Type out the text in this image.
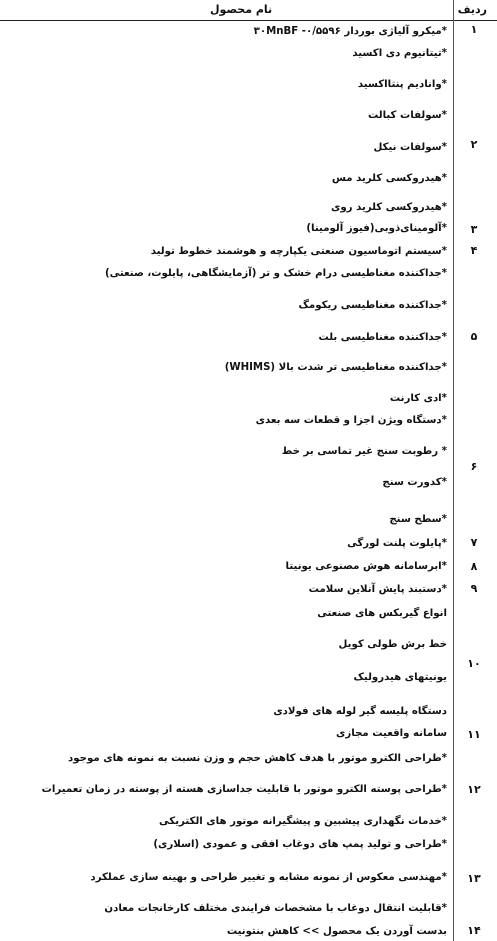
ردیف
نام محصول
۱
۲
۳
۴
۵
۶
۷
۸
۹
۱۰
۱۱
۱۲
۱۳
۱۴
*میکرو آلیاژی بوردار ۳۰MnBF -۰/۵۵۹۶
*تیتانیوم دی اکسید
*وانادیم پنتااکسید
*سولفات کبالت
*سولفات نیکل
*هیدروکسی کلرید مس
*هیدروکسی کلرید روی
*آلومینای‌ذوبی(فیوز آلومینا)
*سیستم اتوماسیون صنعتی یکپارچه و هوشمند خطوط تولید
*جداکننده مغناطیسی درام خشک و تر (آزمایشگاهی، پایلوت، صنعتی)
*جداکننده مغناطیسی ریکومگ
*جداکننده مغناطیسی بلت
*جداکننده مغناطیسی تر شدت بالا (WHIMS)
*ادی کارنت
*دستگاه ویژن اجزا و قطعات سه بعدی
* رطوبت سنج غیر تماسی بر خط
*کدورت سنج
*سطح سنج
*پایلوت پلنت لورگی
*ابرسامانه هوش مصنوعی یونیتا
*دستبند پایش آنلاین سلامت
انواع گیربکس های صنعتی
خط برش طولی کویل
یونیتهای هیدرولیک
دستگاه پلیسه گیر لوله های فولادی
سامانه واقعیت مجازی
*طراحی الکترو موتور با هدف کاهش حجم و وزن نسبت به نمونه های موجود
*طراحی پوسته الکترو موتور با قابلیت جداسازی هسته از پوسته در زمان تعمیرات
*خدمات نگهداری پیشبین و پیشگیرانه موتور های الکتریکی
*طراحی و تولید پمپ های دوغاب افقی و عمودی (اسلاری)
*مهندسی معکوس از نمونه مشابه و تغییر طراحی و بهینه سازی عملکرد
*قابلیت انتقال دوغاب با مشخصات فرایندی مختلف کارخانجات معادن
بدست آوردن یک محصول >> کاهش بنتونیت
